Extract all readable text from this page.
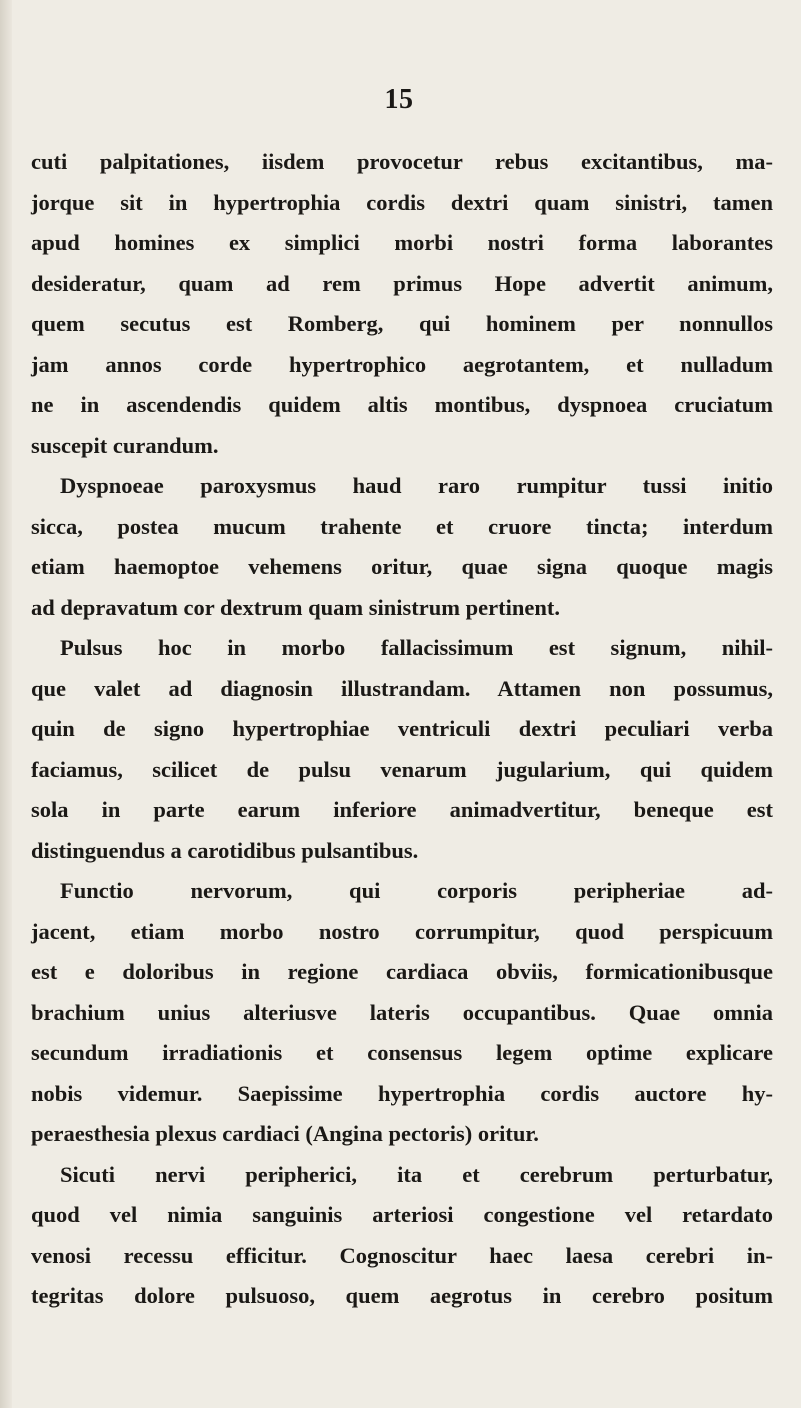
15
cuti palpitationes, iisdem provocetur rebus excitantibus, ma-
jorque sit in hypertrophia cordis dextri quam sinistri, tamen
apud homines ex simplici morbi nostri forma laborantes
desideratur, quam ad rem primus Hope advertit animum,
quem secutus est Romberg, qui hominem per nonnullos
jam annos corde hypertrophico aegrotantem, et nulladum
ne in ascendendis quidem altis montibus, dyspnoea cruciatum
suscepit curandum.
Dyspnoeae paroxysmus haud raro rumpitur tussi initio
sicca, postea mucum trahente et cruore tincta; interdum
etiam haemoptoe vehemens oritur, quae signa quoque magis
ad depravatum cor dextrum quam sinistrum pertinent.
Pulsus hoc in morbo fallacissimum est signum, nihil-
que valet ad diagnosin illustrandam. Attamen non possumus,
quin de signo hypertrophiae ventriculi dextri peculiari verba
faciamus, scilicet de pulsu venarum jugularium, qui quidem
sola in parte earum inferiore animadvertitur, beneque est
distinguendus a carotidibus pulsantibus.
Functio nervorum, qui corporis peripheriae ad-
jacent, etiam morbo nostro corrumpitur, quod perspicuum
est e doloribus in regione cardiaca obviis, formicationibusque
brachium unius alteriusve lateris occupantibus. Quae omnia
secundum irradiationis et consensus legem optime explicare
nobis videmur. Saepissime hypertrophia cordis auctore hy-
peraesthesia plexus cardiaci (Angina pectoris) oritur.
Sicuti nervi peripherici, ita et cerebrum perturbatur,
quod vel nimia sanguinis arteriosi congestione vel retardato
venosi recessu efficitur. Cognoscitur haec laesa cerebri in-
tegritas dolore pulsuoso, quem aegrotus in cerebro positum
